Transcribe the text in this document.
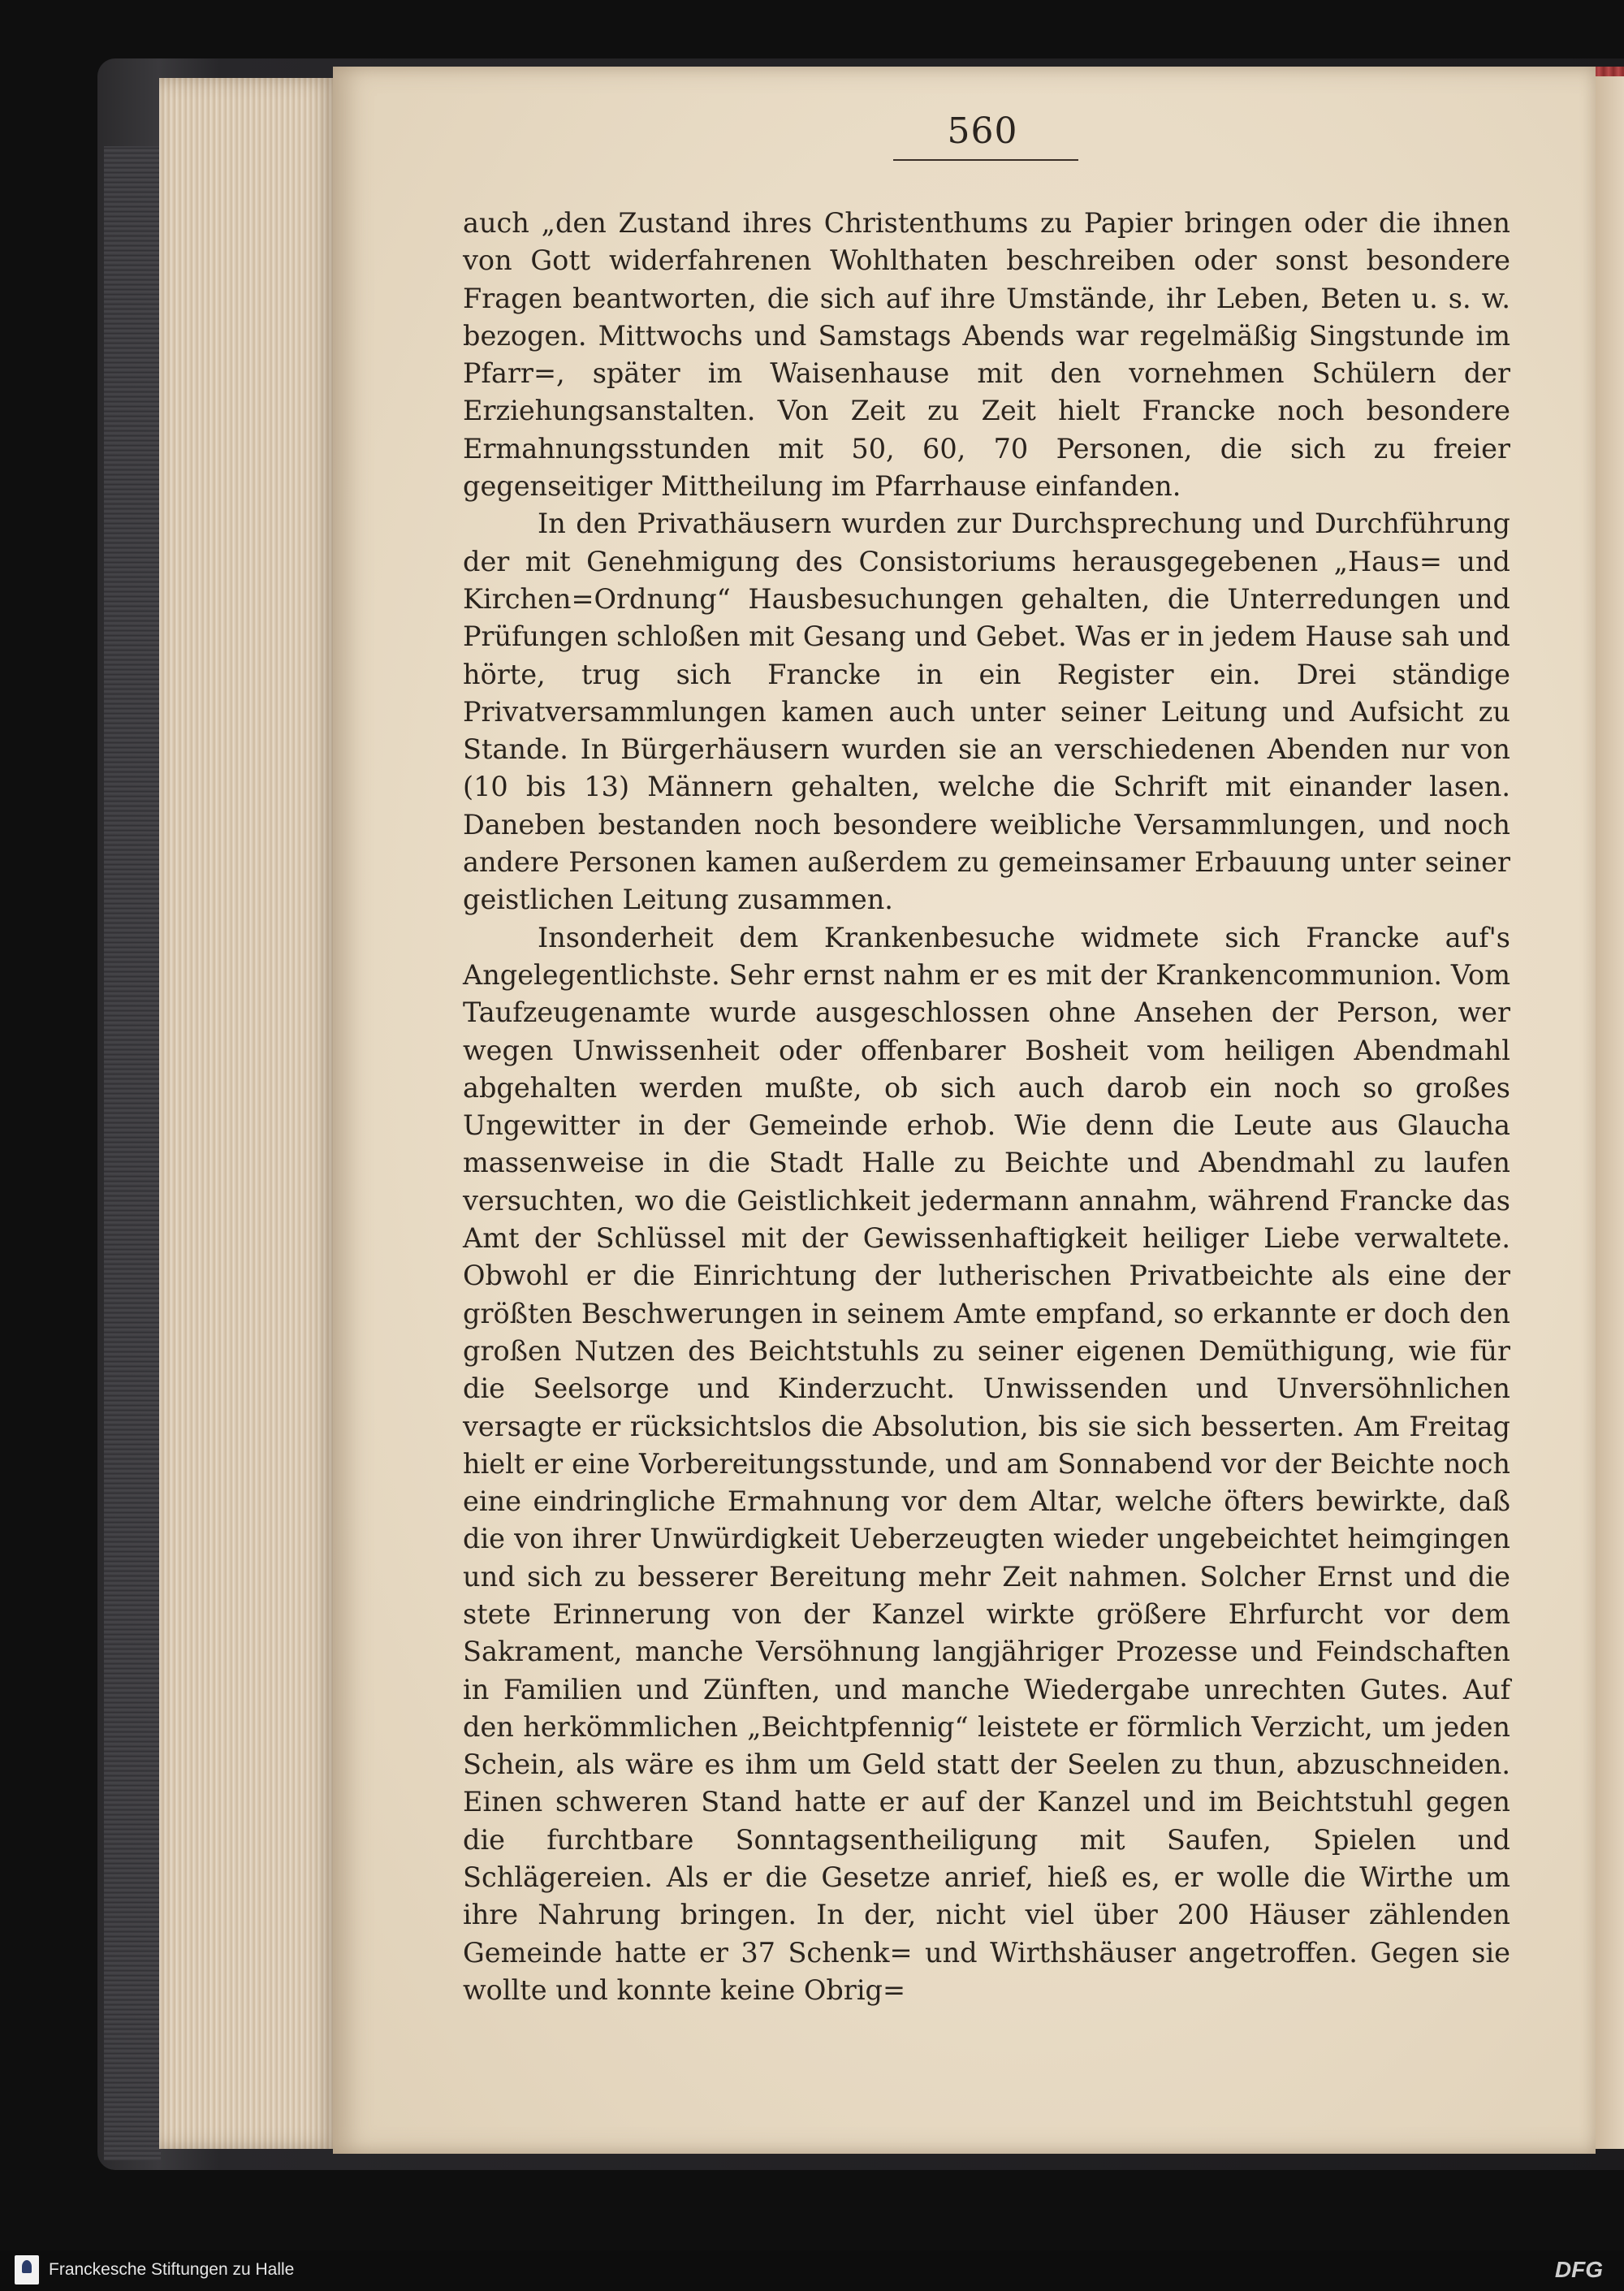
560

auch „den Zustand ihres Christenthums zu Papier bringen oder die ihnen von Gott widerfahrenen Wohlthaten beschreiben oder sonst besondere Fragen beantworten, die sich auf ihre Umstände, ihr Leben, Beten u. s. w. bezogen. Mittwochs und Samstags Abends war regelmäßig Singstunde im Pfarr=, später im Waisenhause mit den vornehmen Schülern der Erziehungsanstalten. Von Zeit zu Zeit hielt Francke noch besondere Ermahnungsstunden mit 50, 60, 70 Personen, die sich zu freier gegenseitiger Mittheilung im Pfarrhause einfanden.

In den Privathäusern wurden zur Durchsprechung und Durchführung der mit Genehmigung des Consistoriums herausgegebenen „Haus= und Kirchen=Ordnung“ Hausbesuchungen gehalten, die Unterredungen und Prüfungen schloßen mit Gesang und Gebet. Was er in jedem Hause sah und hörte, trug sich Francke in ein Register ein. Drei ständige Privatversammlungen kamen auch unter seiner Leitung und Aufsicht zu Stande. In Bürgerhäusern wurden sie an verschiedenen Abenden nur von (10 bis 13) Männern gehalten, welche die Schrift mit einander lasen. Daneben bestanden noch besondere weibliche Versammlungen, und noch andere Personen kamen außerdem zu gemeinsamer Erbauung unter seiner geistlichen Leitung zusammen.

Insonderheit dem Krankenbesuche widmete sich Francke auf's Angelegentlichste. Sehr ernst nahm er es mit der Krankencommunion. Vom Taufzeugenamte wurde ausgeschlossen ohne Ansehen der Person, wer wegen Unwissenheit oder offenbarer Bosheit vom heiligen Abendmahl abgehalten werden mußte, ob sich auch darob ein noch so großes Ungewitter in der Gemeinde erhob. Wie denn die Leute aus Glaucha massenweise in die Stadt Halle zu Beichte und Abendmahl zu laufen versuchten, wo die Geistlichkeit jedermann annahm, während Francke das Amt der Schlüssel mit der Gewissenhaftigkeit heiliger Liebe verwaltete. Obwohl er die Einrichtung der lutherischen Privatbeichte als eine der größten Beschwerungen in seinem Amte empfand, so erkannte er doch den großen Nutzen des Beichtstuhls zu seiner eigenen Demüthigung, wie für die Seelsorge und Kinderzucht. Unwissenden und Unversöhnlichen versagte er rücksichtslos die Absolution, bis sie sich besserten. Am Freitag hielt er eine Vorbereitungsstunde, und am Sonnabend vor der Beichte noch eine eindringliche Ermahnung vor dem Altar, welche öfters bewirkte, daß die von ihrer Unwürdigkeit Ueberzeugten wieder ungebeichtet heimgingen und sich zu besserer Bereitung mehr Zeit nahmen. Solcher Ernst und die stete Erinnerung von der Kanzel wirkte größere Ehrfurcht vor dem Sakrament, manche Versöhnung langjähriger Prozesse und Feindschaften in Familien und Zünften, und manche Wiedergabe unrechten Gutes. Auf den herkömmlichen „Beichtpfennig“ leistete er förmlich Verzicht, um jeden Schein, als wäre es ihm um Geld statt der Seelen zu thun, abzuschneiden. Einen schweren Stand hatte er auf der Kanzel und im Beichtstuhl gegen die furchtbare Sonntagsentheiligung mit Saufen, Spielen und Schlägereien. Als er die Gesetze anrief, hieß es, er wolle die Wirthe um ihre Nahrung bringen. In der, nicht viel über 200 Häuser zählenden Gemeinde hatte er 37 Schenk= und Wirthshäuser angetroffen. Gegen sie wollte und konnte keine Obrig=

Franckesche Stiftungen zu Halle	DFG
